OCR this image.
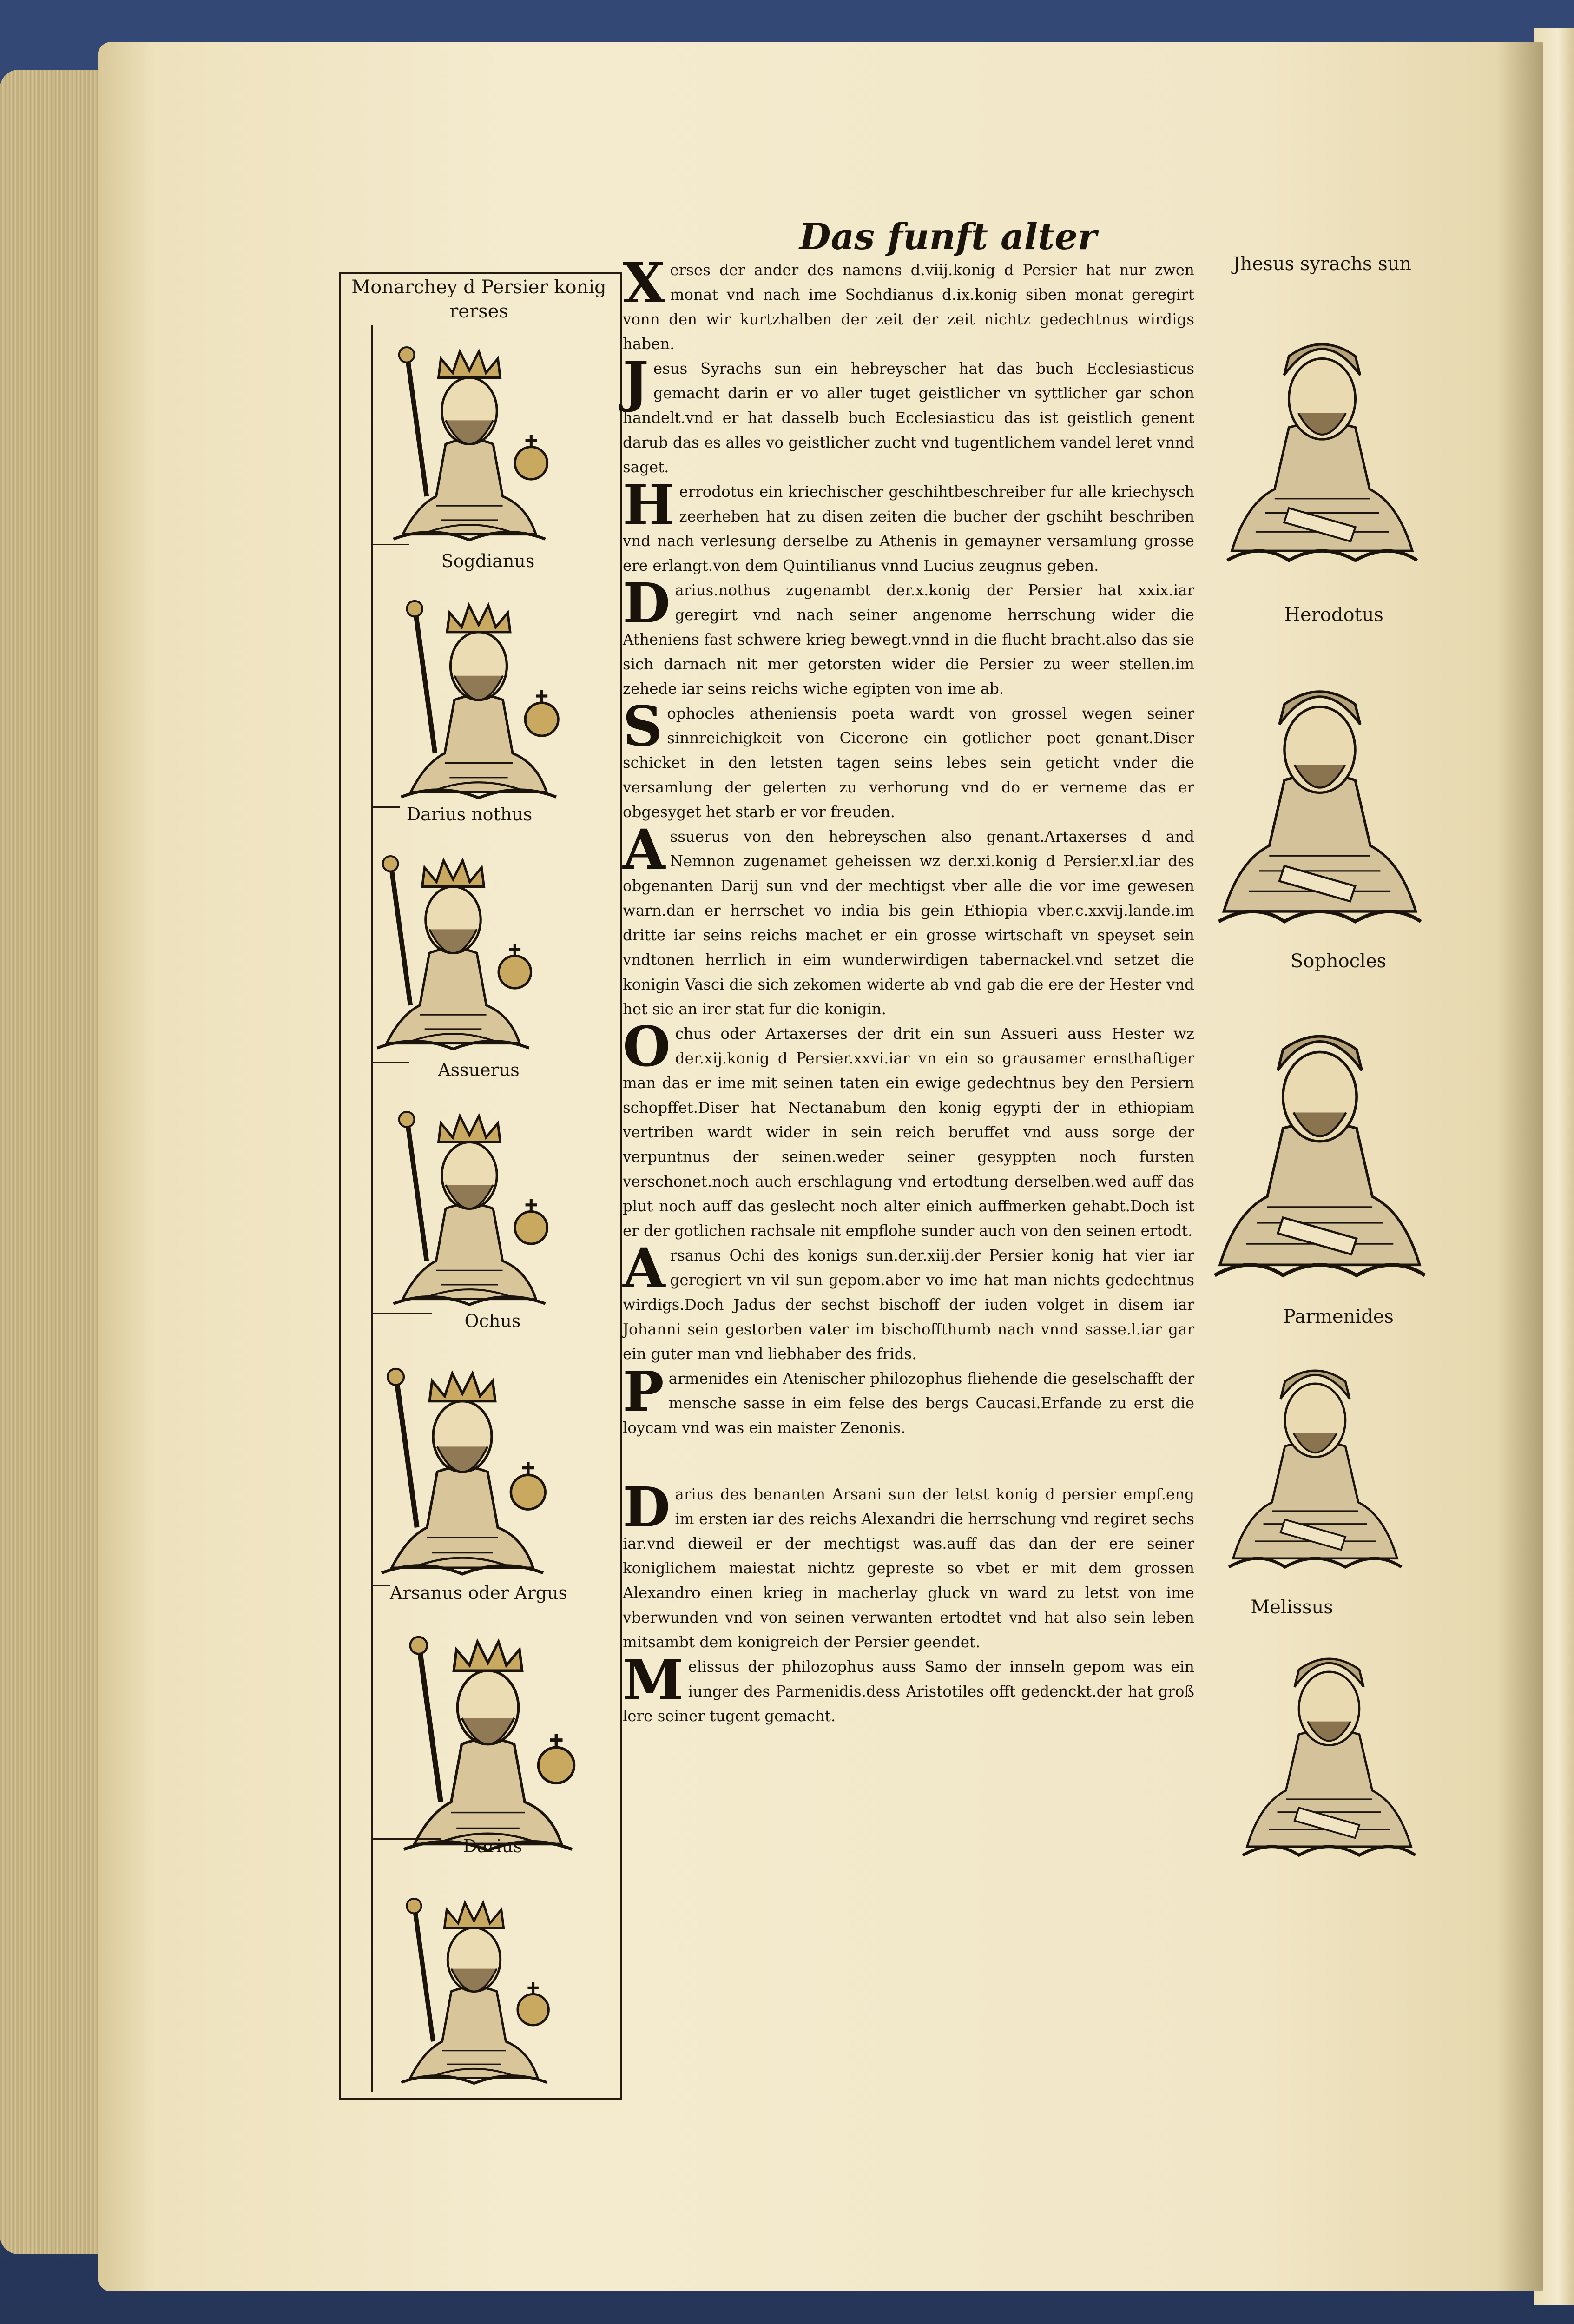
Das funft alter
Monarchey d Persier konig
rerses
Sogdianus
Darius nothus
Assuerus
Ochus
Arsanus oder Argus
Darius

Xerses der ander des namens d.viij.konig d Persier hat nur zwen monat vnd nach ime Sochdianus d.ix.konig siben monat geregirt vonn den wir kurtzhalben der zeit der zeit nichtz gedechtnus wirdigs haben.

Jesus Syrachs sun ein hebreyscher hat das buch Ecclesiasticus gemacht darin er vo aller tuget geistlicher vn syttlicher gar schon handelt.vnd er hat dasselb buch Ecclesiasticu das ist geistlich genent darub das es alles vo geistlicher zucht vnd tugentlichem vandel leret vnnd saget.

Herrodotus ein kriechischer geschihtbeschreiber fur alle kriechysch zeerheben hat zu disen zeiten die bucher der gschiht beschriben vnd nach verlesung derselbe zu Athenis in gemayner versamlung grosse ere erlangt.von dem Quintilianus vnnd Lucius zeugnus geben.

Darius.nothus zugenambt der.x.konig der Persier hat xxix.iar geregirt vnd nach seiner angenome herrschung wider die Atheniens fast schwere krieg bewegt.vnnd in die flucht bracht.also das sie sich darnach nit mer getorsten wider die Persier zu weer stellen.im zehede iar seins reichs wiche egipten von ime ab.

Sophocles atheniensis poeta wardt von grossel wegen seiner sinnreichigkeit von Cicerone ein gotlicher poet genant.Diser schicket in den letsten tagen seins lebes sein geticht vnder die versamlung der gelerten zu verhorung vnd do er verneme das er obgesyget het starb er vor freuden.

Assuerus von den hebreyschen also genant.Artaxerses d and Nemnon zugenamet geheissen wz der.xi.konig d Persier.xl.iar des obgenanten Darij sun vnd der mechtigst vber alle die vor ime gewesen warn.dan er herrschet vo india bis gein Ethiopia vber.c.xxvij.lande.im dritte iar seins reichs machet er ein grosse wirtschaft vn speyset sein vndtonen herrlich in eim wunderwirdigen tabernackel.vnd setzet die konigin Vasci die sich zekomen widerte ab vnd gab die ere der Hester vnd het sie an irer stat fur die konigin.

Ochus oder Artaxerses der drit ein sun Assueri auss Hester wz der.xij.konig d Persier.xxvi.iar vn ein so grausamer ernsthaftiger man das er ime mit seinen taten ein ewige gedechtnus bey den Persiern schopffet.Diser hat Nectanabum den konig egypti der in ethiopiam vertriben wardt wider in sein reich beruffet vnd auss sorge der verpuntnus der seinen.weder seiner gesyppten noch fursten verschonet.noch auch erschlagung vnd ertodtung derselben.wed auff das plut noch auff das geslecht noch alter einich auffmerken gehabt.Doch ist er der gotlichen rachsale nit empflohe sunder auch von den seinen ertodt.

Arsanus Ochi des konigs sun.der.xiij.der Persier konig hat vier iar geregiert vn vil sun gepom.aber vo ime hat man nichts gedechtnus wirdigs.Doch Jadus der sechst bischoff der iuden volget in disem iar Johanni sein gestorben vater im bischoffthumb nach vnnd sasse.l.iar gar ein guter man vnd liebhaber des frids.

Parmenides ein Atenischer philozophus fliehende die geselschafft der mensche sasse in eim felse des bergs Caucasi.Erfande zu erst die loycam vnd was ein maister Zenonis.

Darius des benanten Arsani sun der letst konig d persier empf.eng im ersten iar des reichs Alexandri die herrschung vnd regiret sechs iar.vnd dieweil er der mechtigst was.auff das dan der ere seiner koniglichem maiestat nichtz gepreste so vbet er mit dem grossen Alexandro einen krieg in macherlay gluck vn ward zu letst von ime vberwunden vnd von seinen verwanten ertodtet vnd hat also sein leben mitsambt dem konigreich der Persier geendet.

Melissus der philozophus auss Samo der innseln gepom was ein iunger des Parmenidis.dess Aristotiles offt gedenckt.der hat groß lere seiner tugent gemacht.

Jhesus syrachs sun
Herodotus
Sophocles
Parmenides
Melissus
